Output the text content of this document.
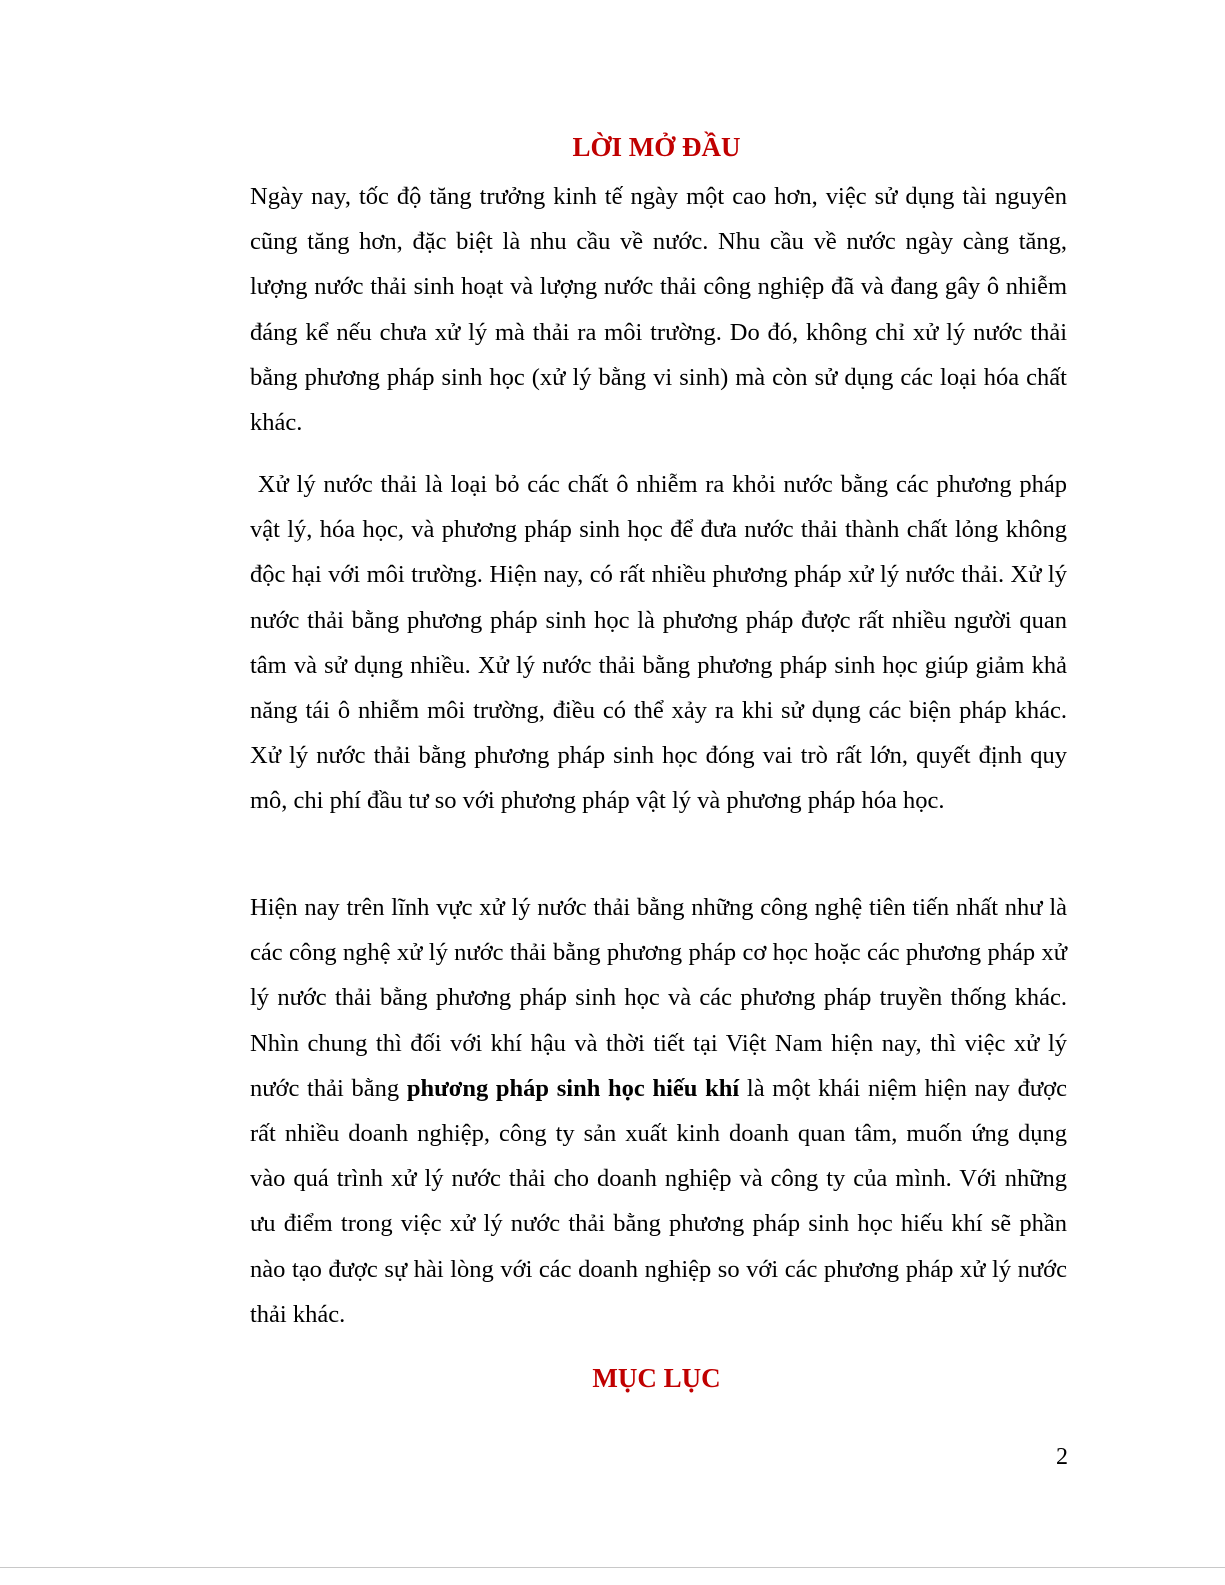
LỜI MỞ ĐẦU

Ngày nay, tốc độ tăng trưởng kinh tế ngày một cao hơn, việc sử dụng tài nguyên cũng tăng hơn, đặc biệt là nhu cầu về nước. Nhu cầu về nước ngày càng tăng, lượng nước thải sinh hoạt và lượng nước thải công nghiệp đã và đang gây ô nhiễm đáng kể nếu chưa xử lý mà thải ra môi trường. Do đó, không chỉ xử lý nước thải bằng phương pháp sinh học (xử lý bằng vi sinh) mà còn sử dụng các loại hóa chất khác.

Xử lý nước thải là loại bỏ các chất ô nhiễm ra khỏi nước bằng các phương pháp vật lý, hóa học, và phương pháp sinh học để đưa nước thải thành chất lỏng không độc hại với môi trường. Hiện nay, có rất nhiều phương pháp xử lý nước thải. Xử lý nước thải bằng phương pháp sinh học là phương pháp được rất nhiều người quan tâm và sử dụng nhiều. Xử lý nước thải bằng phương pháp sinh học giúp giảm khả năng tái ô nhiễm môi trường, điều có thể xảy ra khi sử dụng các biện pháp khác. Xử lý nước thải bằng phương pháp sinh học đóng vai trò rất lớn, quyết định quy mô, chi phí đầu tư so với phương pháp vật lý và phương pháp hóa học.

Hiện nay trên lĩnh vực xử lý nước thải bằng những công nghệ tiên tiến nhất như là các công nghệ xử lý nước thải bằng phương pháp cơ học hoặc các phương pháp xử lý nước thải bằng phương pháp sinh học và các phương pháp truyền thống khác. Nhìn chung thì đối với khí hậu và thời tiết tại Việt Nam hiện nay, thì việc xử lý nước thải bằng phương pháp sinh học hiếu khí là một khái niệm hiện nay được rất nhiều doanh nghiệp, công ty sản xuất kinh doanh quan tâm, muốn ứng dụng vào quá trình xử lý nước thải cho doanh nghiệp và công ty của mình. Với những ưu điểm trong việc xử lý nước thải bằng phương pháp sinh học hiếu khí sẽ phần nào tạo được sự hài lòng với các doanh nghiệp so với các phương pháp xử lý nước thải khác.

MỤC LỤC

2
